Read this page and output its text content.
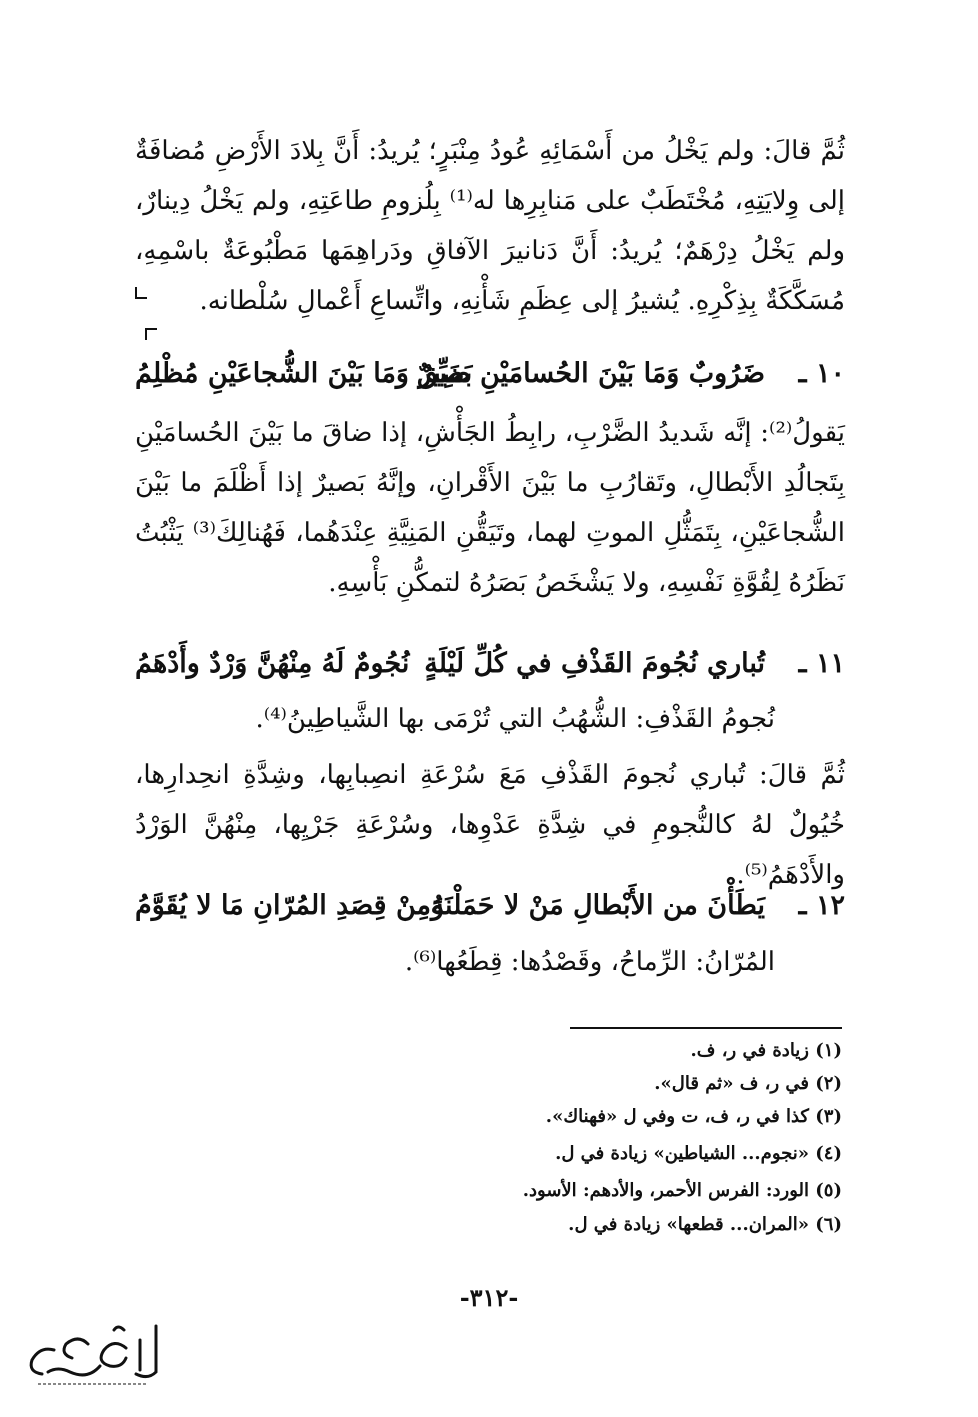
ثُمَّ قالَ: ولم يَخْلُ من أَسْمَائِهِ عُودُ مِنْبَرٍ؛ يُريدُ: أَنَّ بِلادَ الأَرْضِ مُضافَةٌ إلى وِلايَتِهِ، مُخْتَطَبٌ على مَنابِرِها له⁽¹⁾ بِلُزومِ طاعَتِهِ، ولم يَخْلُ دِينارٌ، ولم يَخْلُ دِرْهَمٌ؛ يُريدُ: أَنَّ دَنانيرَ الآفاقِ ودَراهِمَها مَطْبُوعَةٌ باسْمِهِ، مُسَكَّكَةٌ بِذِكْرِهِ. يُشيرُ إلى عِظَمِ شَأْنِهِ، واتِّساعِ أَعْمالِ سُلْطانه.
١٠ ـ
ضَرُوبٌ وَمَا بَيْنَ الحُسامَيْنِ ضَيِّقٌ
بَصِيرٌ وَمَا بَيْنَ الشُّجاعَيْنِ مُظْلِمُ
يَقولُ⁽²⁾: إنَّه شَديدُ الضَّرْبِ، رابِطُ الجَأْشِ، إذا ضاقَ ما بَيْنَ الحُسامَيْنِ بِتَجالُدِ الأَبْطالِ، وتَقارُبِ ما بَيْنَ الأَقْرانِ، وإنَّهُ بَصيرٌ إذا أَظْلَمَ ما بَيْنَ الشُّجاعَيْنِ، بِتَمَثُّلِ الموتِ لهما، وتَيَقُّنِ المَنِيَّةِ عِنْدَهُما، فَهُنالِكَ⁽³⁾ يَثْبُتُ نَظَرُهُ لِقُوَّةِ نَفْسِهِ، ولا يَشْخَصُ بَصَرُهُ لتمكُّنِ بَأْسِهِ.
١١ ـ
تُباري نُجُومَ القَذْفِ في كُلِّ لَيْلَةٍ
نُجُومٌ لَهُ مِنْهُنَّ وَرْدٌ وأَدْهَمُ
نُجومُ القَذْفِ: الشُّهُبُ التي تُرْمَى بها الشَّياطِينُ⁽⁴⁾.
ثُمَّ قالَ: تُباري نُجومَ القَذْفِ مَعَ سُرْعَةِ انصِبابِها، وشِدَّةِ انحِدارِها، خُيُولٌ لهُ كالنُّجومِ في شِدَّةِ عَدْوِها، وسُرْعَةِ جَرْيِها، مِنْهُنَّ الوَرْدُ والأَدْهَمُ⁽⁵⁾.
١٢ ـ
يَطَأْنَ من الأَبْطالِ مَنْ لا حَمَلْنَهُ
وَمِنْ قِصَدِ المُرّانِ مَا لا يُقَوَّمُ
المُرّانُ: الرِّماحُ، وقَصْدُها: قِطَعُها⁽⁶⁾.
(١) زيادة في ر، ف.
(٢) في ر، ف «ثم قال».
(٣) كذا في ر، ف، ت وفي ل «فهناك».
(٤) «نجوم... الشياطين» زيادة في ل.
(٥) الورد: الفرس الأحمر، والأدهم: الأسود.
(٦) «المران... قطعها» زيادة في ل.
-٣١٢-
